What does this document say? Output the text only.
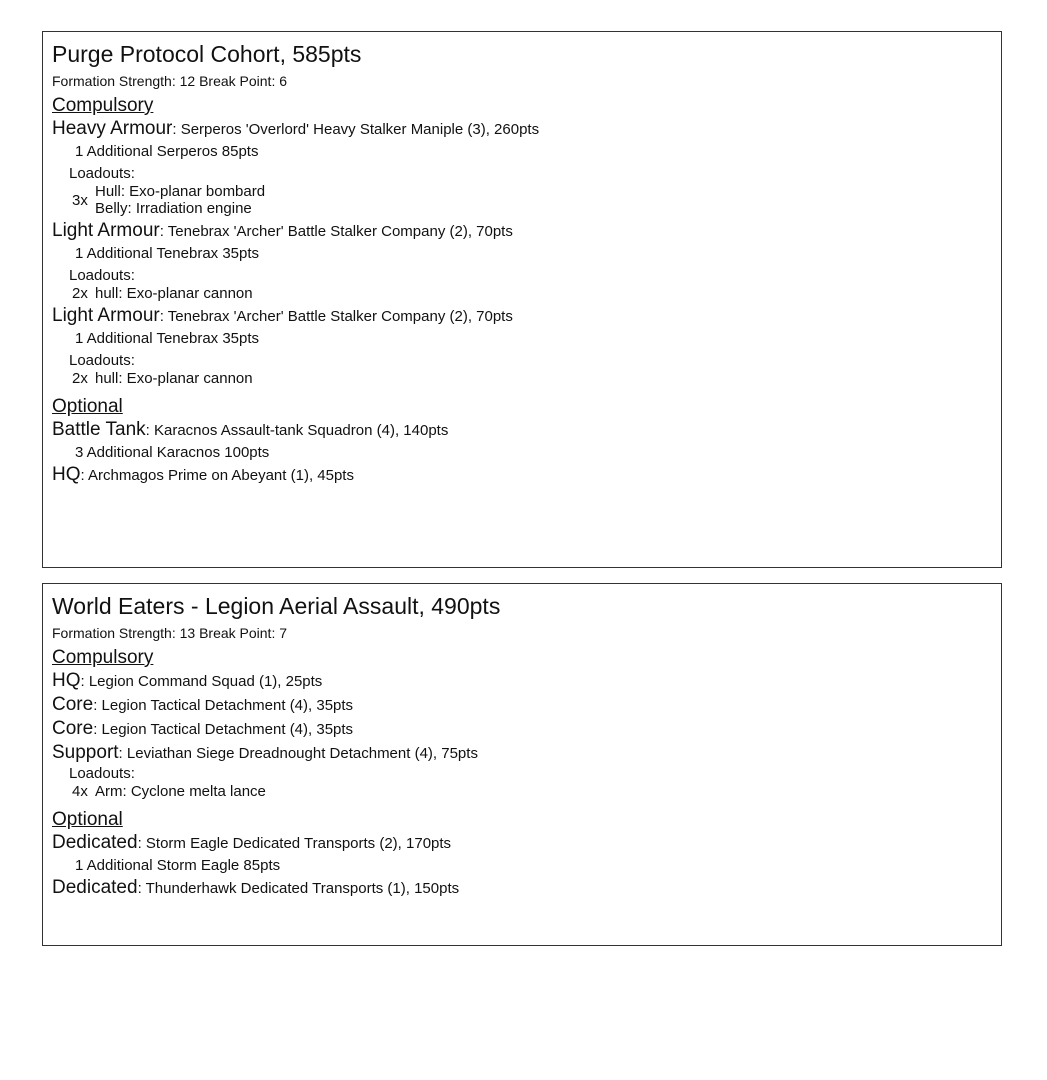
Purge Protocol Cohort, 585pts
Formation Strength: 12 Break Point: 6
Compulsory
Heavy Armour: Serperos 'Overlord' Heavy Stalker Maniple (3), 260pts
1 Additional Serperos 85pts
Loadouts:
3x Hull: Exo-planar bombard
Belly: Irradiation engine
Light Armour: Tenebrax 'Archer' Battle Stalker Company (2), 70pts
1 Additional Tenebrax 35pts
Loadouts:
2x hull: Exo-planar cannon
Light Armour: Tenebrax 'Archer' Battle Stalker Company (2), 70pts
1 Additional Tenebrax 35pts
Loadouts:
2x hull: Exo-planar cannon
Optional
Battle Tank: Karacnos Assault-tank Squadron (4), 140pts
3 Additional Karacnos 100pts
HQ: Archmagos Prime on Abeyant (1), 45pts
World Eaters - Legion Aerial Assault, 490pts
Formation Strength: 13 Break Point: 7
Compulsory
HQ: Legion Command Squad (1), 25pts
Core: Legion Tactical Detachment (4), 35pts
Core: Legion Tactical Detachment (4), 35pts
Support: Leviathan Siege Dreadnought Detachment (4), 75pts
Loadouts:
4x Arm: Cyclone melta lance
Optional
Dedicated: Storm Eagle Dedicated Transports (2), 170pts
1 Additional Storm Eagle 85pts
Dedicated: Thunderhawk Dedicated Transports (1), 150pts
